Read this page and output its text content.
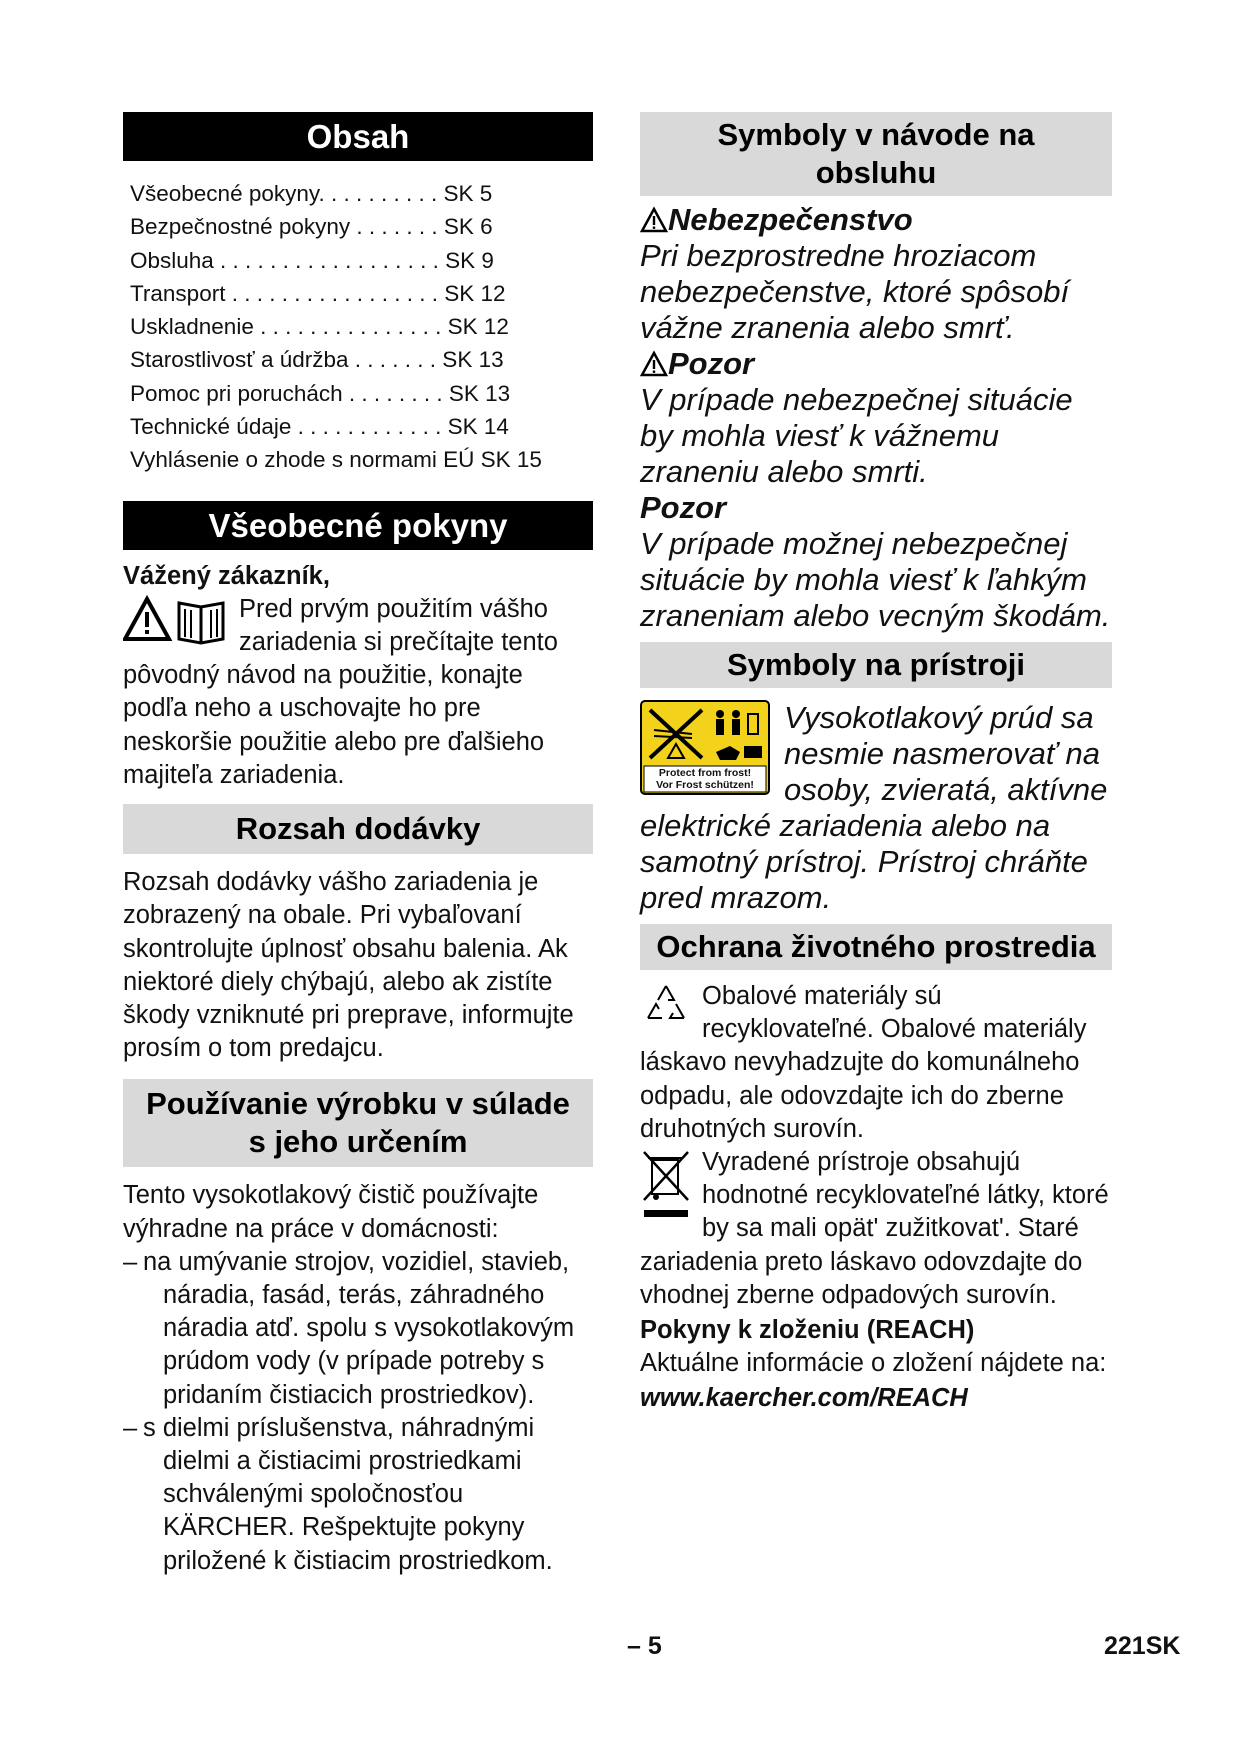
Obsah
Všeobecné pokyny. . . . . . . . . . SK 5
Bezpečnostné pokyny . . . . . . . SK 6
Obsluha . . . . . . . . . . . . . . . . . . SK 9
Transport . . . . . . . . . . . . . . . . . SK 12
Uskladnenie . . . . . . . . . . . . . . . SK 12
Starostlivosť a údržba . . . . . . . SK 13
Pomoc pri poruchách . . . . . . . . SK 13
Technické údaje . . . . . . . . . . . . SK 14
Vyhlásenie o zhode s normami EÚ SK 15
Všeobecné pokyny

Vážený zákazník,

Pred prvým použitím vášho

zariadenia si prečítajte tento

pôvodný návod na použitie, konajte podľa neho a uschovajte ho pre neskoršie použitie alebo pre ďalšieho majiteľa zariadenia.

Rozsah dodávky

Rozsah dodávky vášho zariadenia je zobrazený na obale. Pri vybaľovaní skontrolujte úplnosť obsahu balenia. Ak niektoré diely chýbajú, alebo ak zistíte škody vzniknuté pri preprave, informujte prosím o tom predajcu.

Používanie výrobku v súlade
s jeho určením

Tento vysokotlakový čistič používajte výhradne na práce v domácnosti:

– na umývanie strojov, vozidiel, stavieb, náradia, fasád, terás, záhradného náradia atď. spolu s vysokotlakovým prúdom vody (v prípade potreby s pridaním čistiacich prostriedkov).

– s dielmi príslušenstva, náhradnými dielmi a čistiacimi prostriedkami schválenými spoločnosťou KÄRCHER. Rešpektujte pokyny priložené k čistiacim prostriedkom.

Symboly v návode na
obsluhu

Nebezpečenstvo

Pri bezprostredne hroziacom nebezpečenstve, ktoré spôsobí vážne zranenia alebo smrť.

Pozor

V prípade nebezpečnej situácie by mohla viesť k vážnemu zraneniu alebo smrti.

Pozor

V prípade možnej nebezpečnej situácie by mohla viesť k ľahkým zraneniam alebo vecným škodám.

Symboly na prístroji
Protect from frost!
Vor Frost schützen!

Vysokotlakový prúd sa nesmie nasmerovať na osoby, zvieratá, aktívne elektrické zariadenia alebo na samotný prístroj. Prístroj chráňte pred mrazom.

Ochrana životného prostredia

Obalové materiály sú recyklovateľné. Obalové materiály láskavo nevyhadzujte do komunálneho odpadu, ale odovzdajte ich do zberne druhotných surovín.

Vyradené prístroje obsahujú hodnotné recyklovateľné látky, ktoré by sa mali opät' zužitkovat'. Staré zariadenia preto láskavo odovzdajte do vhodnej zberne odpadových surovín.

Pokyny k zloženiu (REACH)

Aktuálne informácie o zložení nájdete na:

www.kaercher.com/REACH

– 5	221SK
